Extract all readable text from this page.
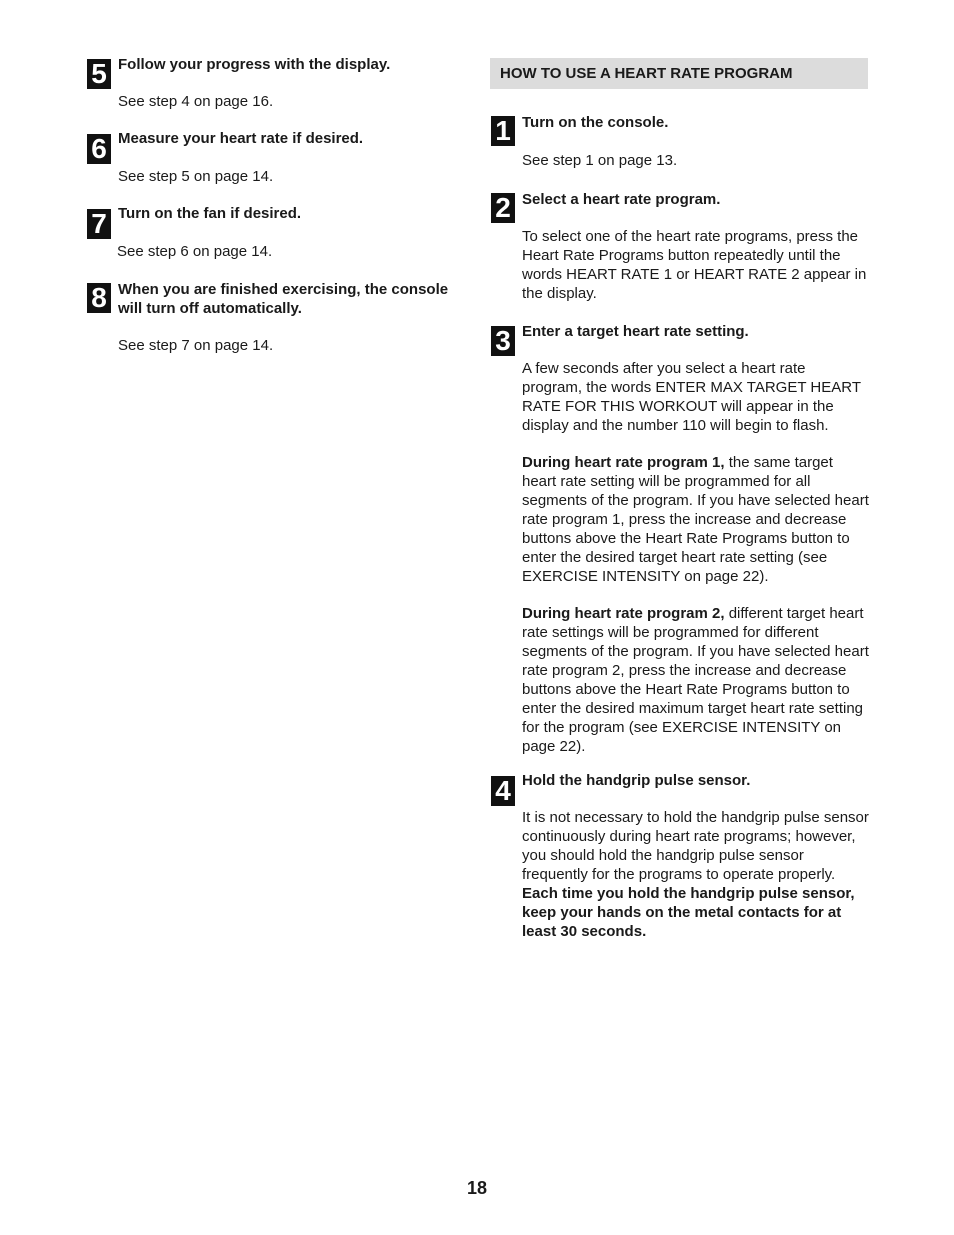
5 Follow your progress with the display.
See step 4 on page 16.
6 Measure your heart rate if desired.
See step 5 on page 14.
7 Turn on the fan if desired.
See step 6 on page 14.
8 When you are finished exercising, the console
will turn off automatically.
See step 7 on page 14.
HOW TO USE A HEART RATE PROGRAM
1 Turn on the console.
See step 1 on page 13.
2 Select a heart rate program.

To select one of the heart rate programs, press the Heart Rate Programs button repeatedly until the words HEART RATE 1 or HEART RATE 2 appear in the display.

3 Enter a target heart rate setting.

A few seconds after you select a heart rate program, the words ENTER MAX TARGET HEART RATE FOR THIS WORKOUT will appear in the display and the number 110 will begin to flash.

During heart rate program 1, the same target heart rate setting will be programmed for all segments of the program. If you have selected heart rate program 1, press the increase and decrease buttons above the Heart Rate Programs button to enter the desired target heart rate setting (see EXERCISE INTENSITY on page 22).

During heart rate program 2, different target heart rate settings will be programmed for different segments of the program. If you have selected heart rate program 2, press the increase and decrease buttons above the Heart Rate Programs button to enter the desired maximum target heart rate setting for the program (see EXERCISE INTENSITY on page 22).

4 Hold the handgrip pulse sensor.

It is not necessary to hold the handgrip pulse sensor continuously during heart rate programs; however, you should hold the handgrip pulse sensor frequently for the programs to operate properly. Each time you hold the handgrip pulse sensor, keep your hands on the metal contacts for at least 30 seconds.

18
